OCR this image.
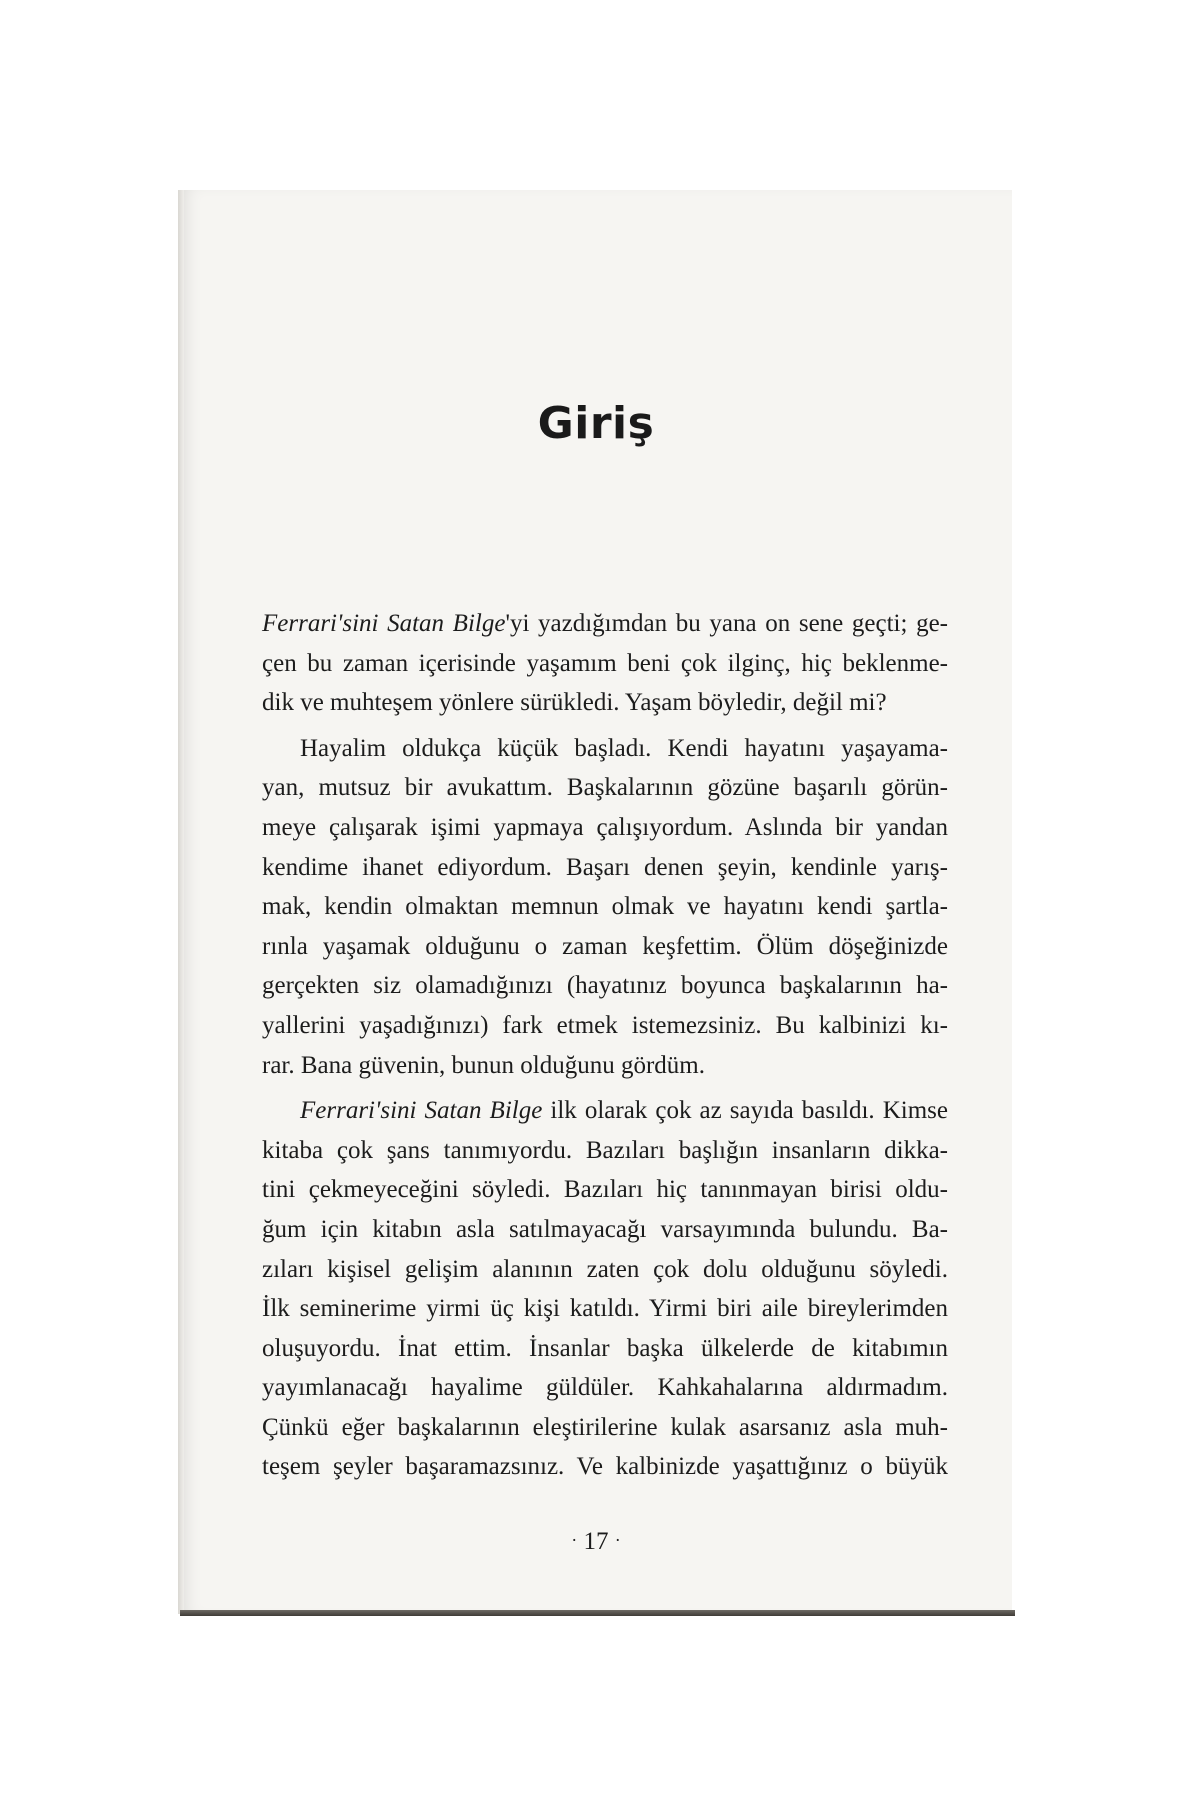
Giriş
Ferrari'sini Satan Bilge'yi yazdığımdan bu yana on sene geçti; ge-
çen bu zaman içerisinde yaşamım beni çok ilginç, hiç beklenme-
dik ve muhteşem yönlere sürükledi. Yaşam böyledir, değil mi?
Hayalim oldukça küçük başladı. Kendi hayatını yaşayama-
yan, mutsuz bir avukattım. Başkalarının gözüne başarılı görün-
meye çalışarak işimi yapmaya çalışıyordum. Aslında bir yandan
kendime ihanet ediyordum. Başarı denen şeyin, kendinle yarış-
mak, kendin olmaktan memnun olmak ve hayatını kendi şartla-
rınla yaşamak olduğunu o zaman keşfettim. Ölüm döşeğinizde
gerçekten siz olamadığınızı (hayatınız boyunca başkalarının ha-
yallerini yaşadığınızı) fark etmek istemezsiniz. Bu kalbinizi kı-
rar. Bana güvenin, bunun olduğunu gördüm.
Ferrari'sini Satan Bilge ilk olarak çok az sayıda basıldı. Kimse
kitaba çok şans tanımıyordu. Bazıları başlığın insanların dikka-
tini çekmeyeceğini söyledi. Bazıları hiç tanınmayan birisi oldu-
ğum için kitabın asla satılmayacağı varsayımında bulundu. Ba-
zıları kişisel gelişim alanının zaten çok dolu olduğunu söyledi.
İlk seminerime yirmi üç kişi katıldı. Yirmi biri aile bireylerimden
oluşuyordu. İnat ettim. İnsanlar başka ülkelerde de kitabımın
yayımlanacağı hayalime güldüler. Kahkahalarına aldırmadım.
Çünkü eğer başkalarının eleştirilerine kulak asarsanız asla muh-
teşem şeyler başaramazsınız. Ve kalbinizde yaşattığınız o büyük
· 17 ·
